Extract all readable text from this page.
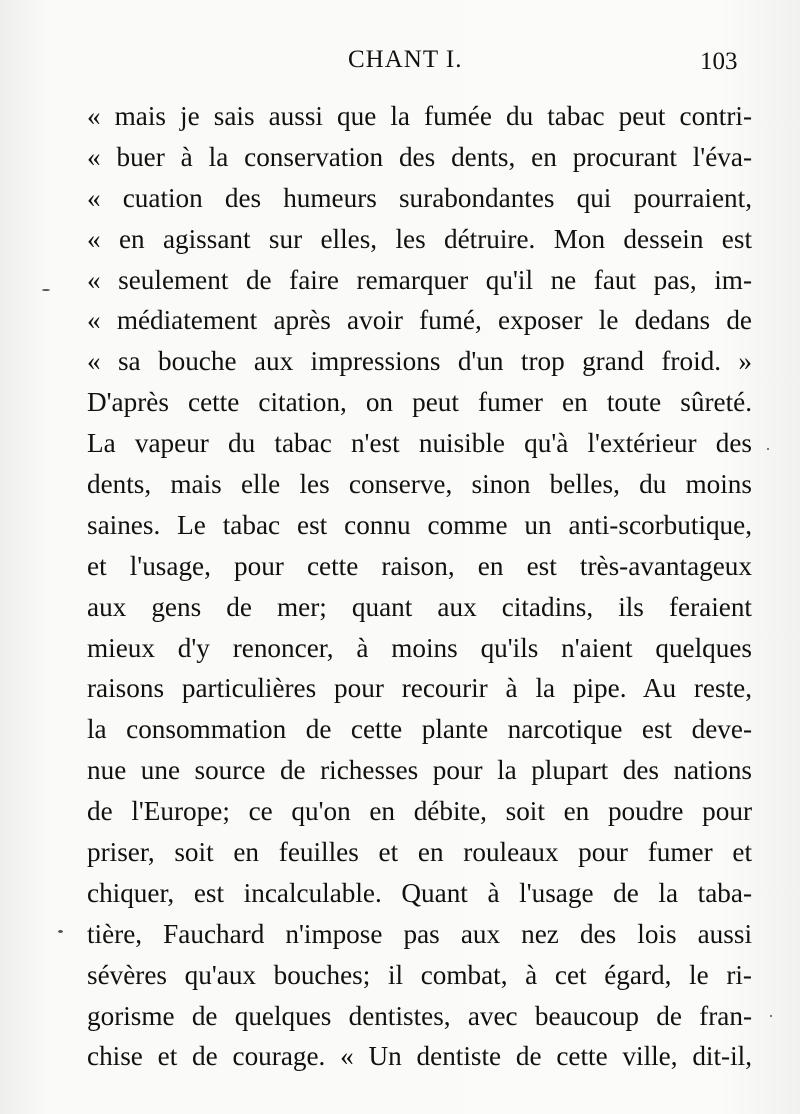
CHANT I.	103
« mais je sais aussi que la fumée du tabac peut contri-
« buer à la conservation des dents, en procurant l'éva-
« cuation des humeurs surabondantes qui pourraient,
« en agissant sur elles, les détruire. Mon dessein est
« seulement de faire remarquer qu'il ne faut pas, im-
« médiatement après avoir fumé, exposer le dedans de
« sa bouche aux impressions d'un trop grand froid. »
D'après cette citation, on peut fumer en toute sûreté.
La vapeur du tabac n'est nuisible qu'à l'extérieur des
dents, mais elle les conserve, sinon belles, du moins
saines. Le tabac est connu comme un anti-scorbutique,
et l'usage, pour cette raison, en est très-avantageux
aux gens de mer; quant aux citadins, ils feraient
mieux d'y renoncer, à moins qu'ils n'aient quelques
raisons particulières pour recourir à la pipe. Au reste,
la consommation de cette plante narcotique est deve-
nue une source de richesses pour la plupart des nations
de l'Europe; ce qu'on en débite, soit en poudre pour
priser, soit en feuilles et en rouleaux pour fumer et
chiquer, est incalculable. Quant à l'usage de la taba-
tière, Fauchard n'impose pas aux nez des lois aussi
sévères qu'aux bouches; il combat, à cet égard, le ri-
gorisme de quelques dentistes, avec beaucoup de fran-
chise et de courage. « Un dentiste de cette ville, dit-il,
